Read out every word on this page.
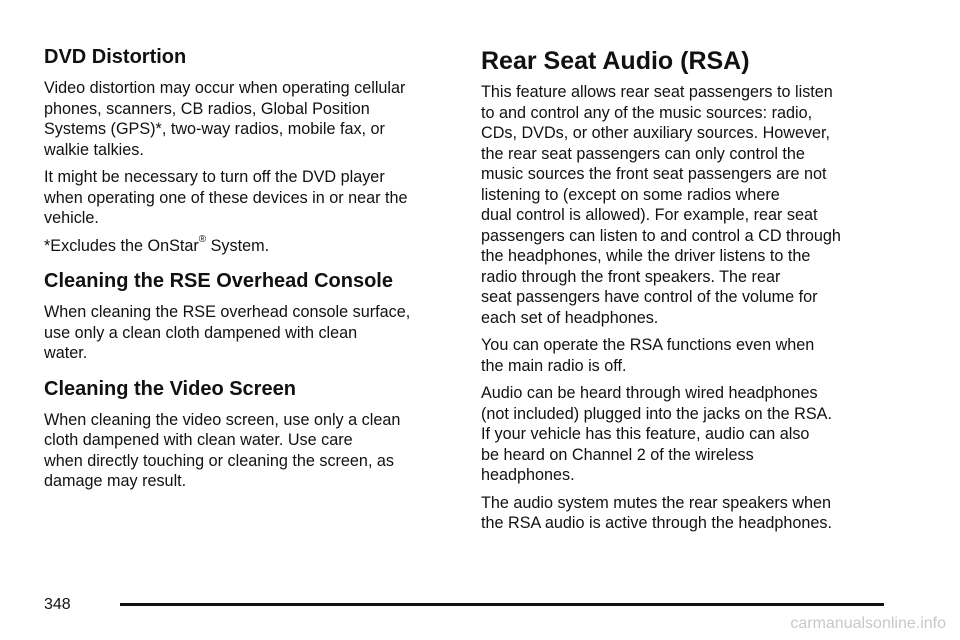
DVD Distortion

Video distortion may occur when operating cellular
phones, scanners, CB radios, Global Position
Systems (GPS)*, two-way radios, mobile fax, or
walkie talkies.

It might be necessary to turn off the DVD player
when operating one of these devices in or near the
vehicle.

*Excludes the OnStar® System.

Cleaning the RSE Overhead Console

When cleaning the RSE overhead console surface,
use only a clean cloth dampened with clean
water.

Cleaning the Video Screen

When cleaning the video screen, use only a clean
cloth dampened with clean water. Use care
when directly touching or cleaning the screen, as
damage may result.

Rear Seat Audio (RSA)

This feature allows rear seat passengers to listen
to and control any of the music sources: radio,
CDs, DVDs, or other auxiliary sources. However,
the rear seat passengers can only control the
music sources the front seat passengers are not
listening to (except on some radios where
dual control is allowed). For example, rear seat
passengers can listen to and control a CD through
the headphones, while the driver listens to the
radio through the front speakers. The rear
seat passengers have control of the volume for
each set of headphones.

You can operate the RSA functions even when
the main radio is off.

Audio can be heard through wired headphones
(not included) plugged into the jacks on the RSA.
If your vehicle has this feature, audio can also
be heard on Channel 2 of the wireless
headphones.

The audio system mutes the rear speakers when
the RSA audio is active through the headphones.

348
carmanualsonline.info
